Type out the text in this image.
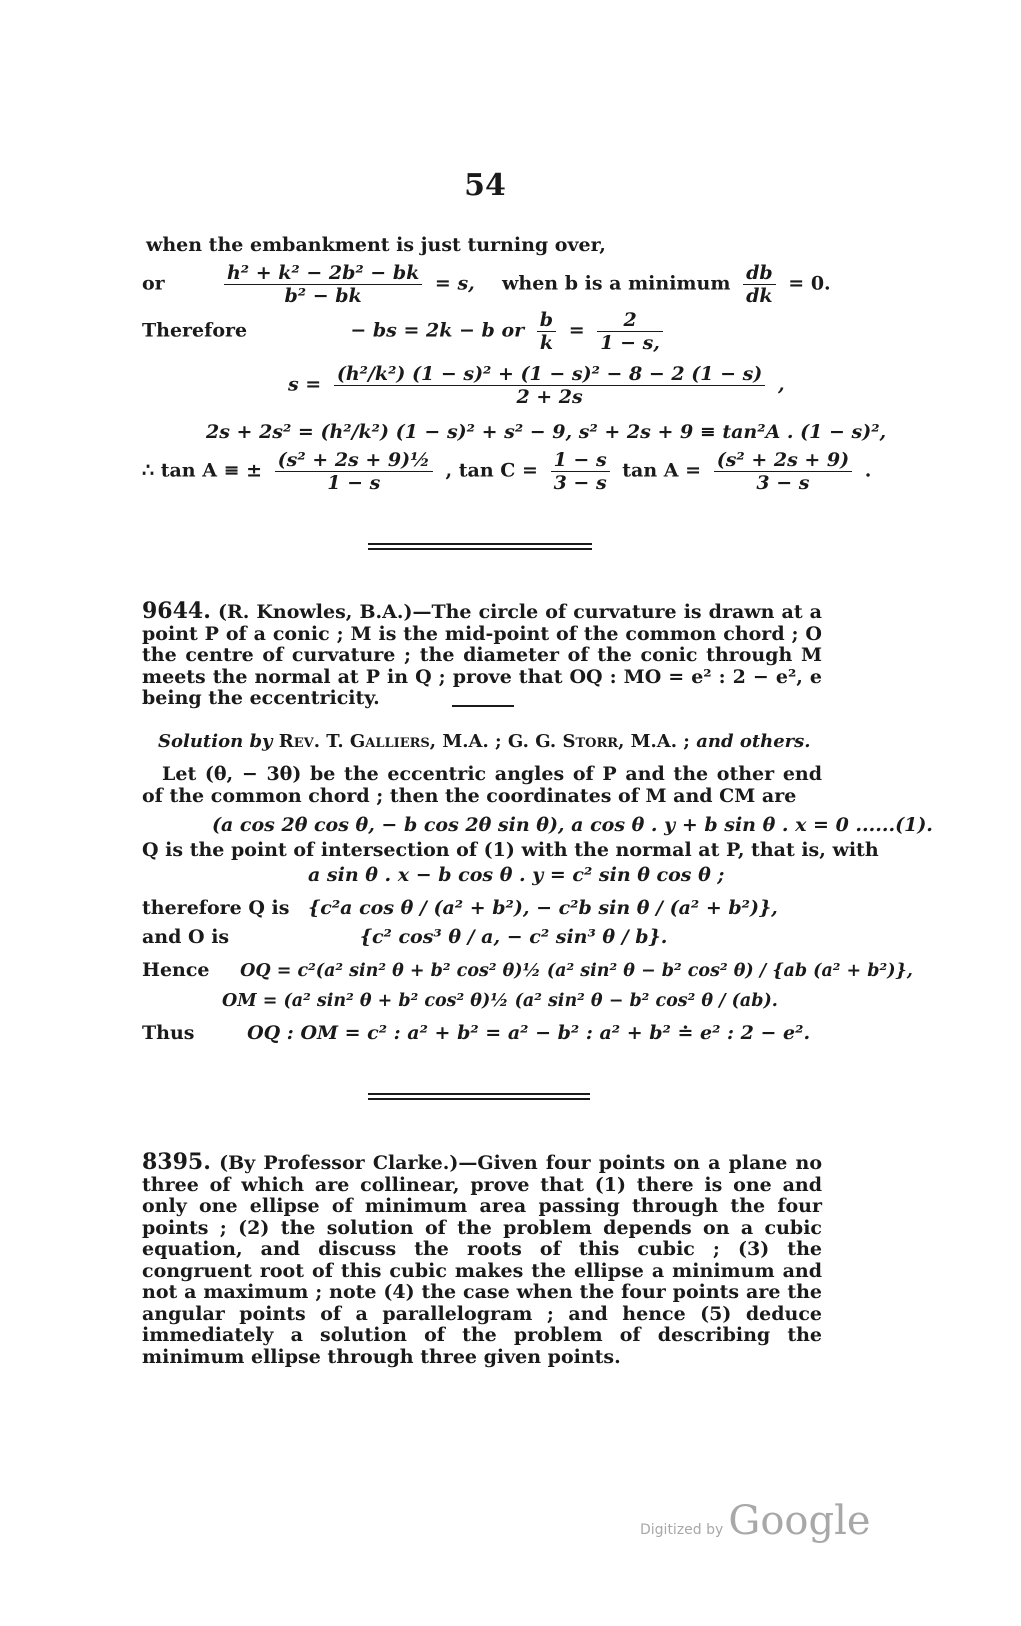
54
when the embankment is just turning over,
or	$\frac{\text{h² + k² − 2b² − bk}}{\text{b² − bk}} = s$, when b is a minimum $\frac{db}{dk} = 0$.
Therefore	− bs = 2k − b or $\frac{b}{k} = \frac{2}{1 - s,}$
$s = \frac{\text{(h²/k²) (1 − s)² + (1 − s)² − 8 − 2 (1 − s)}}{2 + 2s}$ ,
2s + 2s² = (h²/k²) (1 − s)² + s² − 9, s² + 2s + 9 ≡ tan²A . (1 − s)²,
∴ tan A ≡ ± $\frac{\text{(s² + 2s + 9)½}}{1 - s}$ , $\tan C = \frac{1 - s}{3 - s}$ $\tan A = \frac{\text{(s² + 2s + 9)}}{3 - s}$ .
9644. (R. Knowles, B.A.)—The circle of curvature is drawn at a point P of a conic ; M is the mid-point of the common chord ; O the centre of curvature ; the diameter of the conic through M meets the normal at P in Q ; prove that OQ : MO = e² : 2 − e², e being the eccentricity.
Solution by Rev. T. Galliers, M.A. ; G. G. Storr, M.A. ; and others.
Let (θ, − 3θ) be the eccentric angles of P and the other end of the common chord ; then the coordinates of M and CM are
(a cos 2θ cos θ, − b cos 2θ sin θ), a cos θ . y + b sin θ . x = 0 ......(1).
Q is the point of intersection of (1) with the normal at P, that is, with
a sin θ . x − b cos θ . y = c² sin θ cos θ ;
therefore Q is {c²a cos θ / (a² + b²), − c²b sin θ / (a² + b²)},
and O is	{c² cos³ θ / a, − c² sin³ θ / b}.
Hence OQ = c²(a² sin² θ + b² cos² θ)½ (a² sin² θ − b² cos² θ) / {ab (a² + b²)},
OM = (a² sin² θ + b² cos² θ)½ (a² sin² θ − b² cos² θ / (ab).
Thus	OQ : OM = c² : a² + b² = a² − b² : a² + b² ≐ e² : 2 − e².
8395. (By Professor Clarke.)—Given four points on a plane no three of which are collinear, prove that (1) there is one and only one ellipse of minimum area passing through the four points ; (2) the solution of the problem depends on a cubic equation, and discuss the roots of this cubic ; (3) the congruent root of this cubic makes the ellipse a minimum and not a maximum ; note (4) the case when the four points are the angular points of a parallelogram ; and hence (5) deduce immediately a solution of the problem of describing the minimum ellipse through three given points.
Digitized by Google
